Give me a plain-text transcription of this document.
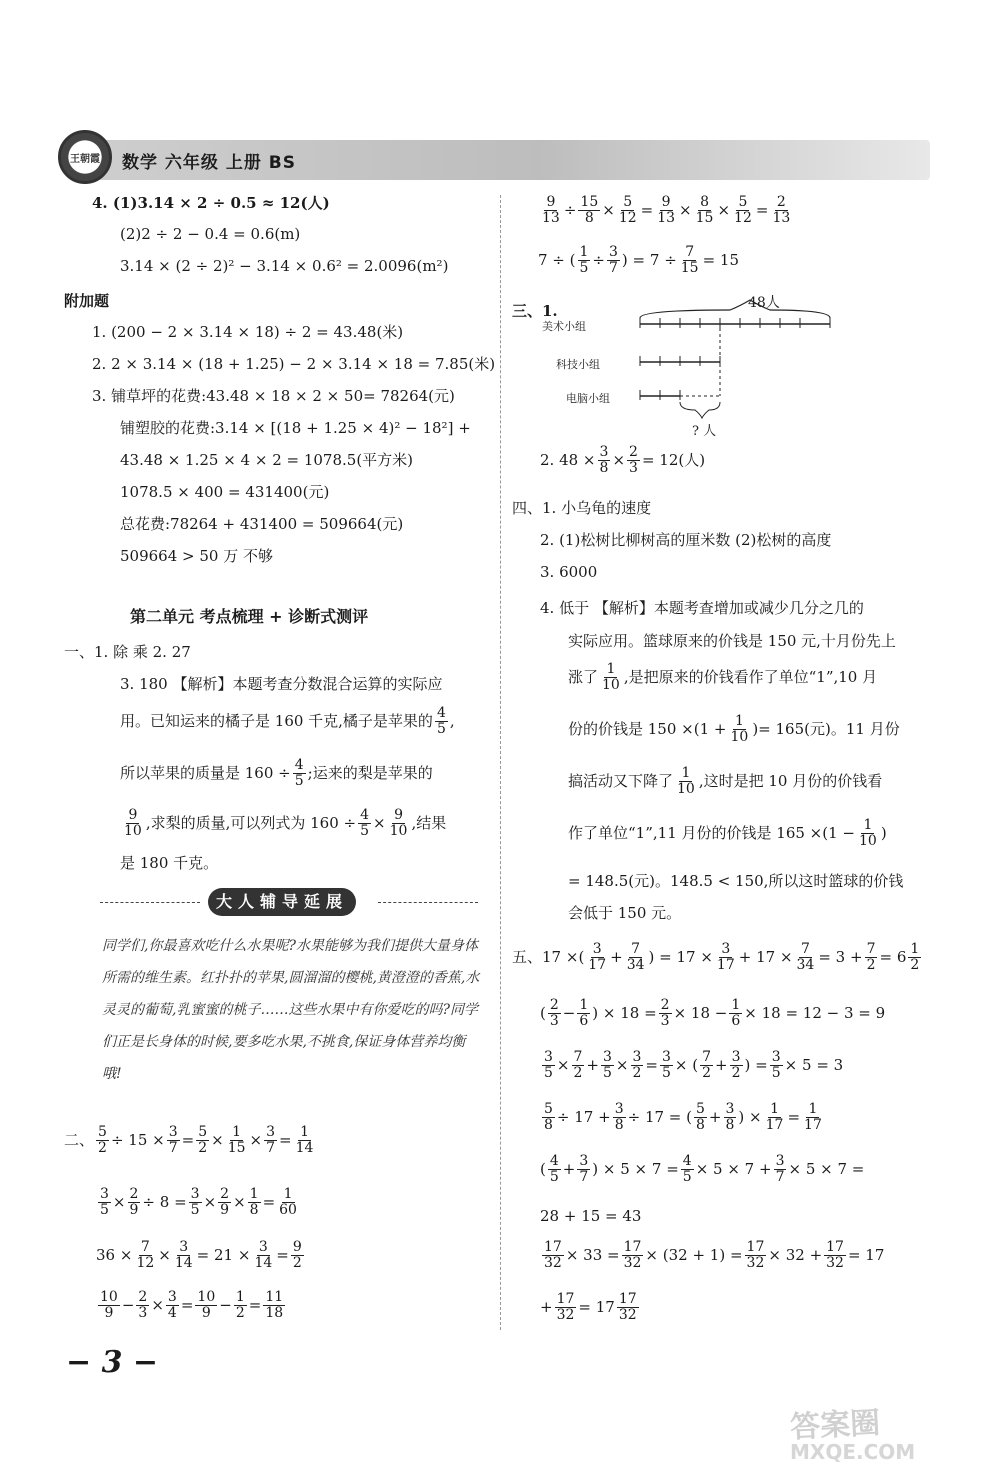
王朝霞 数学 六年级 上册 BS
4. (1)3.14 × 2 ÷ 0.5 ≈ 12(人)
(2)2 ÷ 2 − 0.4 = 0.6(m)
3.14 × (2 ÷ 2)² − 3.14 × 0.6² = 2.0096(m²)
附加题
1. (200 − 2 × 3.14 × 18) ÷ 2 = 43.48(米)
2. 2 × 3.14 × (18 + 1.25) − 2 × 3.14 × 18 = 7.85(米)
3. 铺草坪的花费:43.48 × 18 × 2 × 50= 78264(元)
铺塑胶的花费:3.14 × [(18 + 1.25 × 4)² − 18²] +
43.48 × 1.25 × 4 × 2 = 1078.5(平方米)
1078.5 × 400 = 431400(元)
总花费:78264 + 431400 = 509664(元)
509664 > 50 万 不够
第二单元 考点梳理 + 诊断式测评
一、1. 除 乘 2. 27
3. 180 【解析】本题考查分数混合运算的实际应
用。已知运来的橘子是 160 千克,橘子是苹果的 $\frac{4}{5}$ ,
所以苹果的质量是 $160 \div \frac{4}{5}$ ;运来的梨是苹果的
$\frac{9}{10}$ ,求梨的质量,可以列式为 $160 \div \frac{4}{5} \times \frac{9}{10}$ ,结果
是 180 千克。
大人辅导延展
同学们,你最喜欢吃什么水果呢?水果能够为我们提供大量身体所需的维生素。红扑扑的苹果,圆溜溜的樱桃,黄澄澄的香蕉,水灵灵的葡萄,乳蜜蜜的桃子……这些水果中有你爱吃的吗?同学们正是长身体的时候,要多吃水果,不挑食,保证身体营养均衡哦!
二、 $\frac{5}{2} \div 15 \times \frac{3}{7} = \frac{5}{2} \times \frac{1}{15} \times \frac{3}{7} = \frac{1}{14}$
$\frac{3}{5} \times \frac{2}{9} \div 8 = \frac{3}{5} \times \frac{2}{9} \times \frac{1}{8} = \frac{1}{60}$
$36 \times \frac{7}{12} \times \frac{3}{14} = 21 \times \frac{3}{14} = \frac{9}{2}$
$\frac{10}{9} - \frac{2}{3} \times \frac{3}{4} = \frac{10}{9} - \frac{1}{2} = \frac{11}{18}$
$\frac{9}{13} \div \frac{15}{8} \times \frac{5}{12} = \frac{9}{13} \times \frac{8}{15} \times \frac{5}{12} = \frac{2}{13}$
7 ÷ ( $\frac{1}{5} \div \frac{3}{7}$ ) = $7 \div \frac{7}{15} = 15$
三、1.	48人
美术小组
科技小组
电脑小组
? 人
2. $48 \times \frac{3}{8} \times \frac{2}{3} = 12$(人)
四、1. 小乌龟的速度
2. (1)松树比柳树高的厘米数 (2)松树的高度
3. 6000
4. 低于 【解析】本题考查增加或减少几分之几的
实际应用。篮球原来的价钱是 150 元,十月份先上
涨了 $\frac{1}{10}$ ,是把原来的价钱看作了单位“1”,10 月
份的价钱是 $150 \times(1 + \frac{1}{10}$ )= 165(元)。11 月份
搞活动又下降了 $\frac{1}{10}$ ,这时是把 10 月份的价钱看
作了单位“1”,11 月份的价钱是 $165 \times(1 - \frac{1}{10}$ )
= 148.5(元)。148.5 < 150,所以这时篮球的价钱
会低于 150 元。
五、17 ×( $\frac{3}{17} + \frac{7}{34}$ ) = $17 \times \frac{3}{17} + 17 \times \frac{7}{34} = 3 + \frac{7}{2} = 6 \frac{1}{2}$
( $\frac{2}{3} - \frac{1}{6}$ ) × $18 = \frac{2}{3} \times 18 - \frac{1}{6} \times 18 = 12 - 3 = 9$
$\frac{3}{5} \times \frac{7}{2} + \frac{3}{5} \times \frac{3}{2} = \frac{3}{5}$ × ( $\frac{7}{2} + \frac{3}{2}$ ) = $\frac{3}{5} \times 5 = 3$
$\frac{5}{8} \div 17 + \frac{3}{8} \div 17$ = ( $\frac{5}{8} + \frac{3}{8}$ ) × $\frac{1}{17} = \frac{1}{17}$
( $\frac{4}{5} + \frac{3}{7}$ ) × $5 \times 7 = \frac{4}{5} \times 5 \times 7 + \frac{3}{7} \times 5 \times 7$ =
28 + 15 = 43
$\frac{17}{32} \times 33 = \frac{17}{32} \times (32 + 1) = \frac{17}{32} \times 32 + \frac{17}{32} = 17$
+ $\frac{17}{32} = 17 \frac{17}{32}$
− 3 −
答案圈
MXQE.COM
